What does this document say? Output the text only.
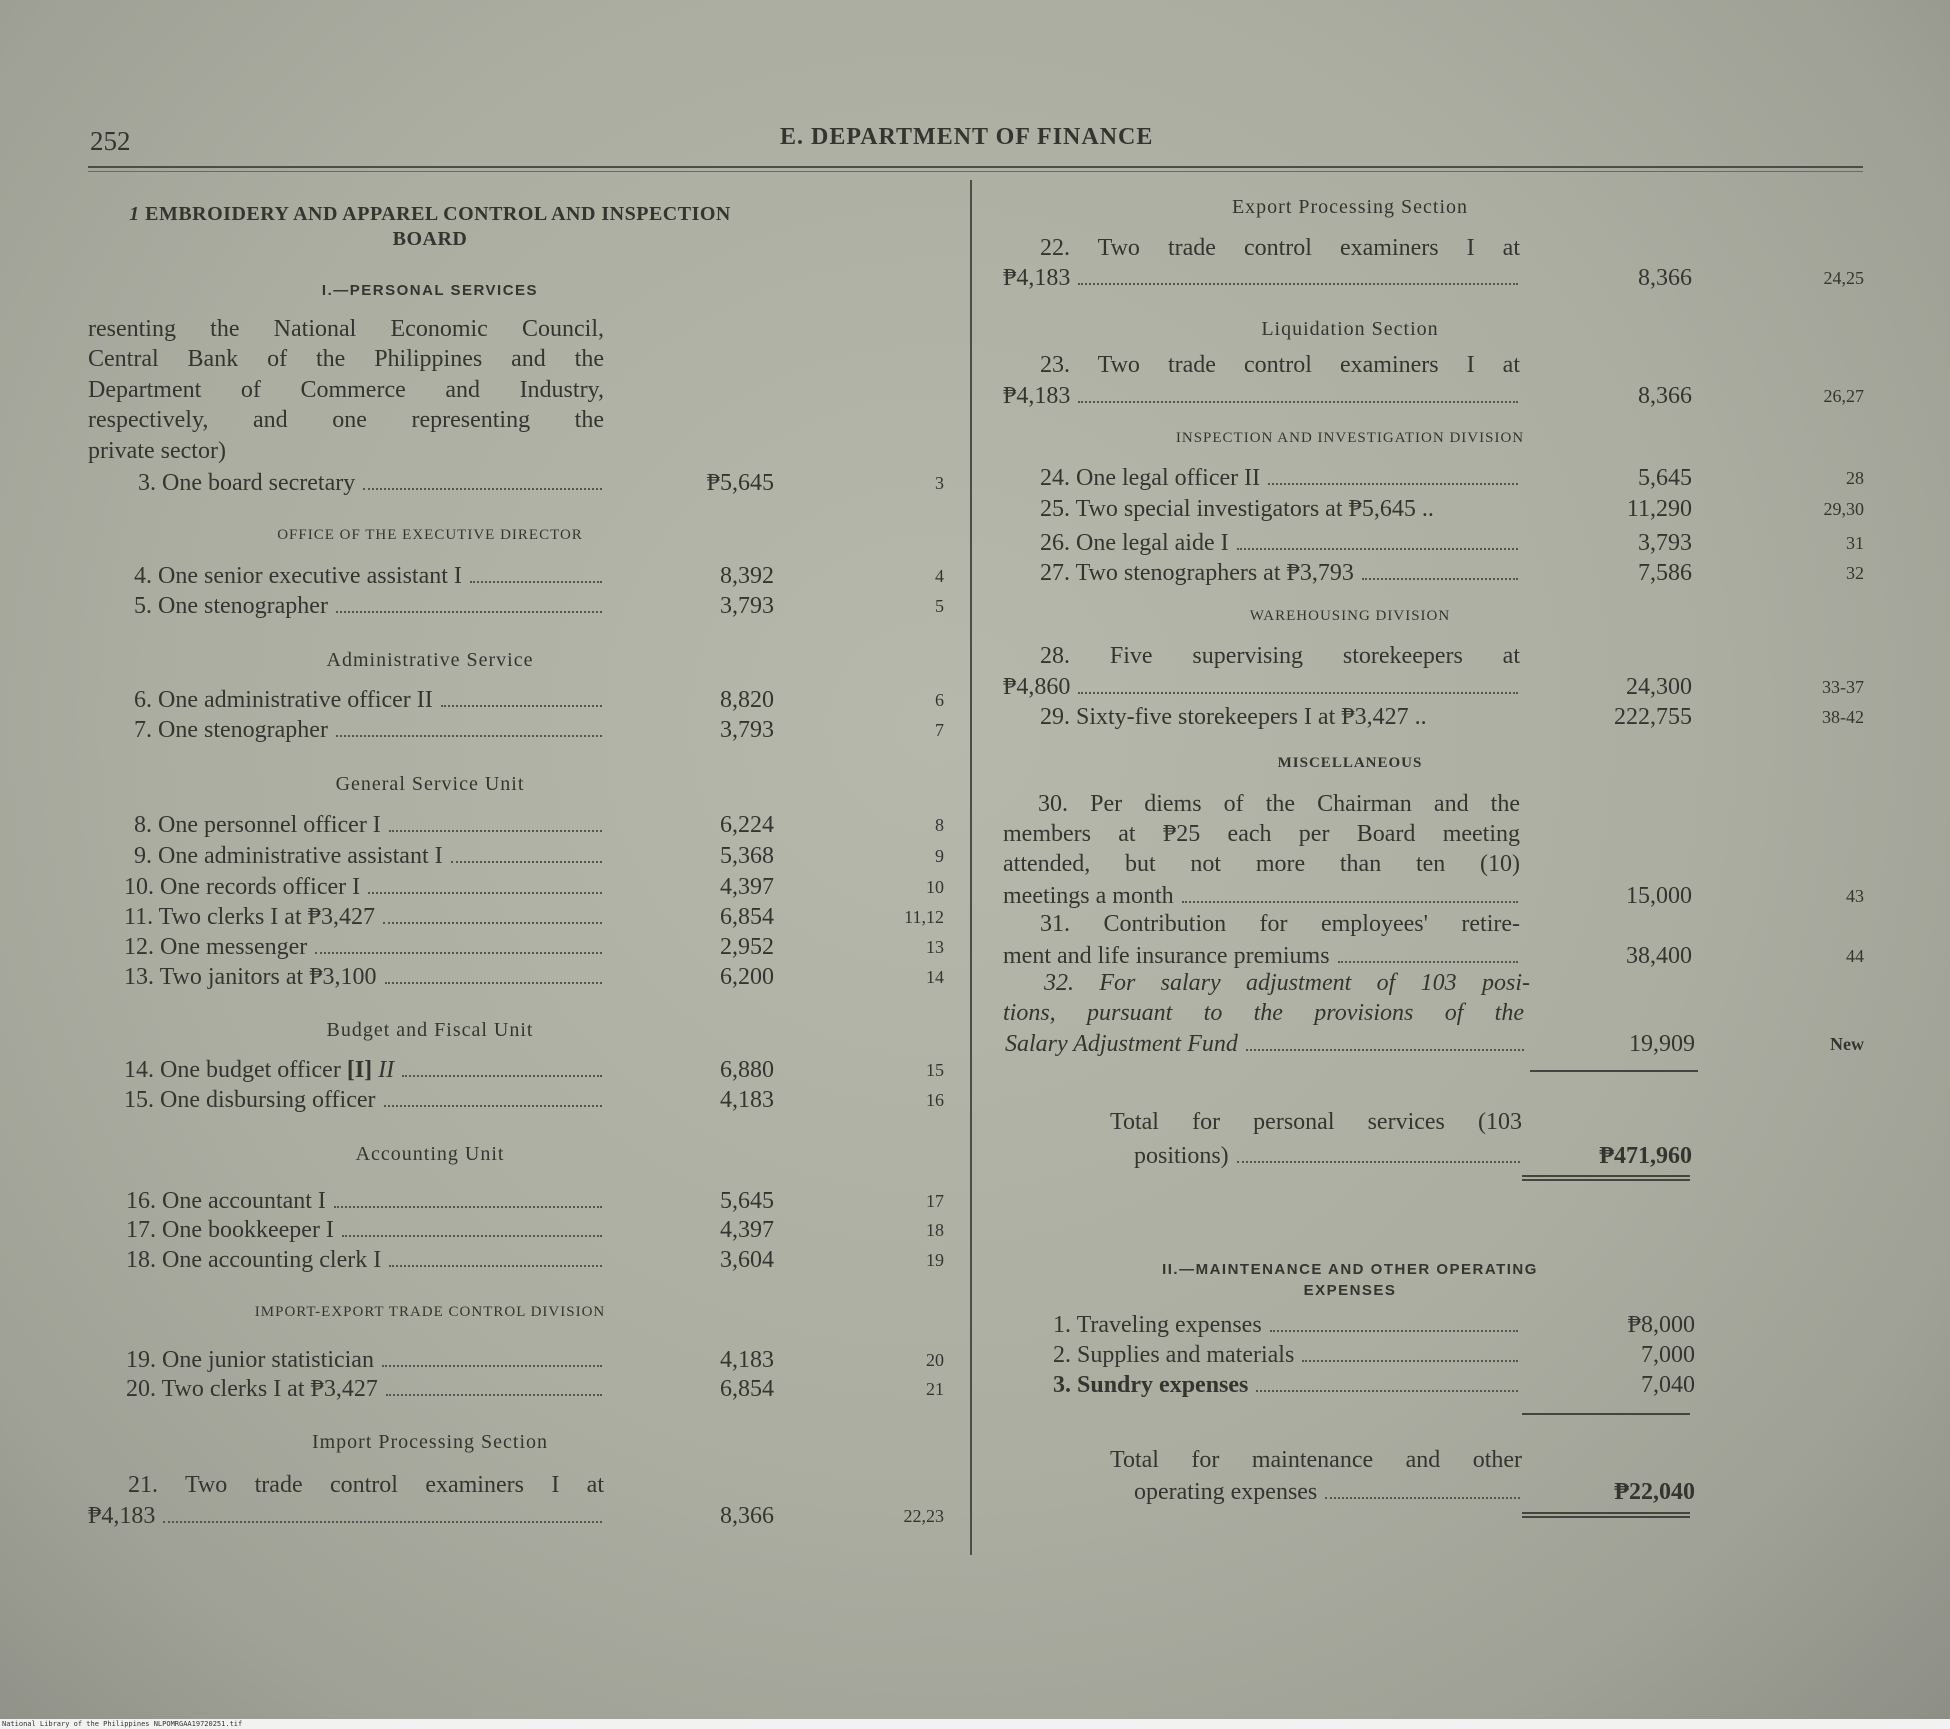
252	E. DEPARTMENT OF FINANCE
1 EMBROIDERY AND APPAREL CONTROL AND INSPECTION
BOARD
I.—PERSONAL SERVICES
resenting the National Economic Council,
Central Bank of the Philippines and the
Department of Commerce and Industry,
respectively, and one representing the
private sector)
3. One board secretary	₱5,645	3
OFFICE OF THE EXECUTIVE DIRECTOR
4. One senior executive assistant I	8,392	4
5. One stenographer	3,793	5
Administrative Service
6. One administrative officer II	8,820	6
7. One stenographer	3,793	7
General Service Unit
8. One personnel officer I	6,224	8
9. One administrative assistant I	5,368	9
10. One records officer I	4,397	10
11. Two clerks I at ₱3,427	6,854	11,12
12. One messenger	2,952	13
13. Two janitors at ₱3,100	6,200	14
Budget and Fiscal Unit
14. One budget officer [I] II	6,880	15
15. One disbursing officer	4,183	16
Accounting Unit
16. One accountant I	5,645	17
17. One bookkeeper I	4,397	18
18. One accounting clerk I	3,604	19
IMPORT-EXPORT TRADE CONTROL DIVISION
19. One junior statistician	4,183	20
20. Two clerks I at ₱3,427	6,854	21
Import Processing Section
21. Two trade control examiners I at
₱4,183	8,366	22,23
Export Processing Section
22. Two trade control examiners I at
₱4,183	8,366	24,25
Liquidation Section
23. Two trade control examiners I at
₱4,183	8,366	26,27
INSPECTION AND INVESTIGATION DIVISION
24. One legal officer II	5,645	28
25. Two special investigators at ₱5,645 ..	11,290	29,30
26. One legal aide I	3,793	31
27. Two stenographers at ₱3,793	7,586	32
WAREHOUSING DIVISION
28. Five supervising storekeepers at
₱4,860	24,300	33-37
29. Sixty-five storekeepers I at ₱3,427 ..	222,755	38-42
MISCELLANEOUS
30. Per diems of the Chairman and the
members at ₱25 each per Board meeting
attended, but not more than ten (10)
meetings a month	15,000	43
31. Contribution for employees' retire-
ment and life insurance premiums	38,400	44
32. For salary adjustment of 103 posi-
tions, pursuant to the provisions of the
Salary Adjustment Fund	19,909	New
Total for personal services (103
positions)	₱471,960
II.—MAINTENANCE AND OTHER OPERATING
EXPENSES
1. Traveling expenses	₱8,000
2. Supplies and materials	7,000
3. Sundry expenses	7,040
Total for maintenance and other
operating expenses	₱22,040
National Library of the Philippines NLPOMRGAA19720251.tif
